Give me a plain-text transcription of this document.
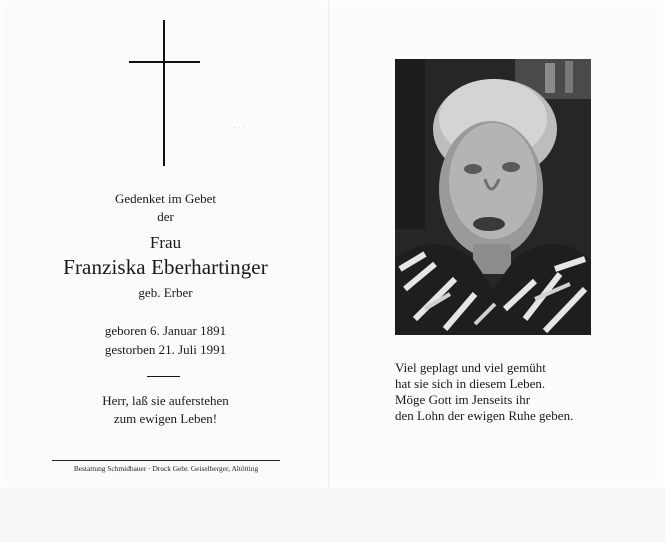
. ·
Gedenket im Gebet
der
Frau
Franziska Eberhartinger
geb. Erber
geboren 6. Januar 1891
gestorben 21. Juli 1991
Herr, laß sie auferstehen
zum ewigen Leben!
Bestattung Schmidbauer · Druck Gebr. Geiselberger, Altötting
Viel geplagt und viel gemüht
hat sie sich in diesem Leben.
Möge Gott im Jenseits ihr
den Lohn der ewigen Ruhe geben.
